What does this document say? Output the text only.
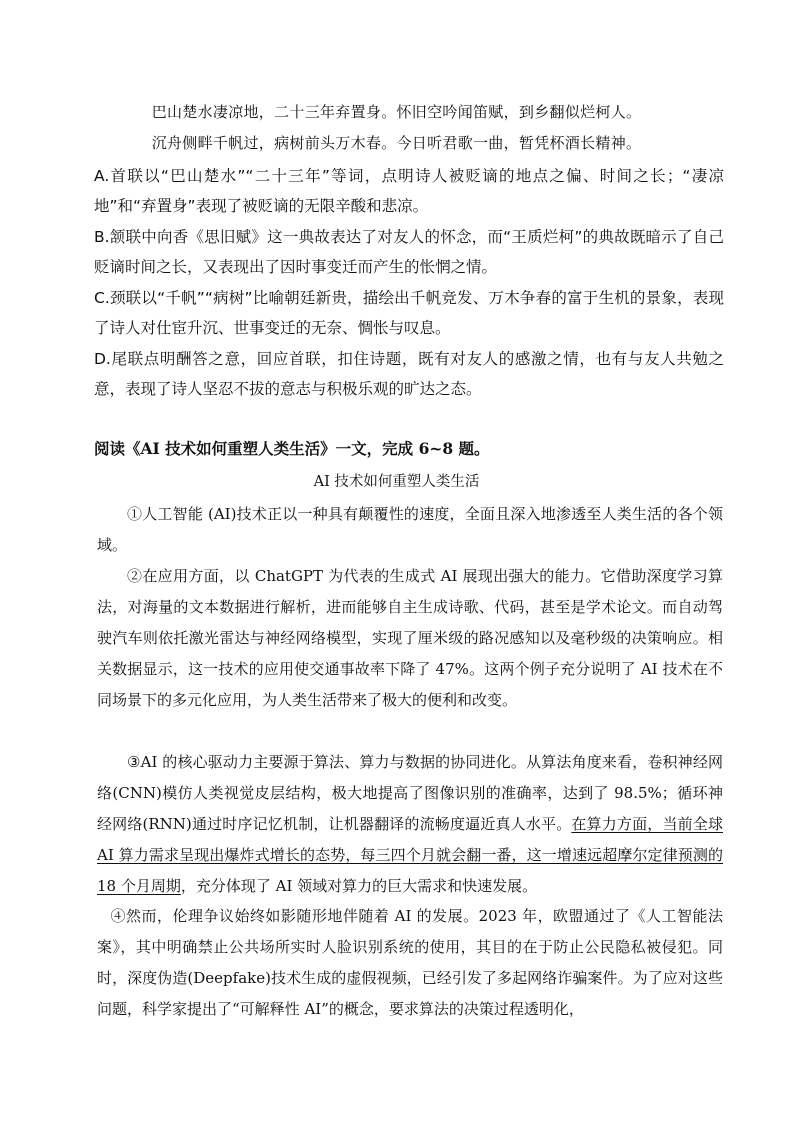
巴山楚水凄凉地，二十三年弃置身。怀旧空吟闻笛赋，到乡翻似烂柯人。
沉舟侧畔千帆过，病树前头万木春。今日听君歌一曲，暂凭杯酒长精神。
A.首联以“巴山楚水”“二十三年”等词，点明诗人被贬谪的地点之偏、时间之长；“凄凉地”和“弃置身”表现了被贬谪的无限辛酸和悲凉。
B.颔联中向香《思旧赋》这一典故表达了对友人的怀念，而“王质烂柯”的典故既暗示了自己贬谪时间之长，又表现出了因时事变迁而产生的怅惘之情。
C.颈联以“千帆”“病树”比喻朝廷新贵，描绘出千帆竞发、万木争春的富于生机的景象，表现了诗人对仕宦升沉、世事变迁的无奈、惆怅与叹息。
D.尾联点明酬答之意，回应首联，扣住诗题，既有对友人的感激之情，也有与友人共勉之意，表现了诗人坚忍不拔的意志与积极乐观的旷达之态。
阅读《AI 技术如何重塑人类生活》一文，完成 6~8 题。
AI 技术如何重塑人类生活
①人工智能 (AI)技术正以一种具有颠覆性的速度，全面且深入地渗透至人类生活的各个领域。
②在应用方面，以 ChatGPT 为代表的生成式 AI 展现出强大的能力。它借助深度学习算法，对海量的文本数据进行解析，进而能够自主生成诗歌、代码，甚至是学术论文。而自动驾驶汽车则依托激光雷达与神经网络模型，实现了厘米级的路况感知以及毫秒级的决策响应。相关数据显示，这一技术的应用使交通事故率下降了 47%。这两个例子充分说明了 AI 技术在不同场景下的多元化应用，为人类生活带来了极大的便利和改变。
③AI 的核心驱动力主要源于算法、算力与数据的协同进化。从算法角度来看，卷积神经网络(CNN)模仿人类视觉皮层结构，极大地提高了图像识别的准确率，达到了 98.5%；循环神经网络(RNN)通过时序记忆机制，让机器翻译的流畅度逼近真人水平。在算力方面，当前全球 AI 算力需求呈现出爆炸式增长的态势，每三四个月就会翻一番，这一增速远超摩尔定律预测的 18 个月周期，充分体现了 AI 领域对算力的巨大需求和快速发展。
④然而，伦理争议始终如影随形地伴随着 AI 的发展。2023 年，欧盟通过了《人工智能法案》，其中明确禁止公共场所实时人脸识别系统的使用，其目的在于防止公民隐私被侵犯。同时，深度伪造(Deepfake)技术生成的虚假视频，已经引发了多起网络诈骗案件。为了应对这些问题，科学家提出了“可解释性 AI”的概念，要求算法的决策过程透明化，
